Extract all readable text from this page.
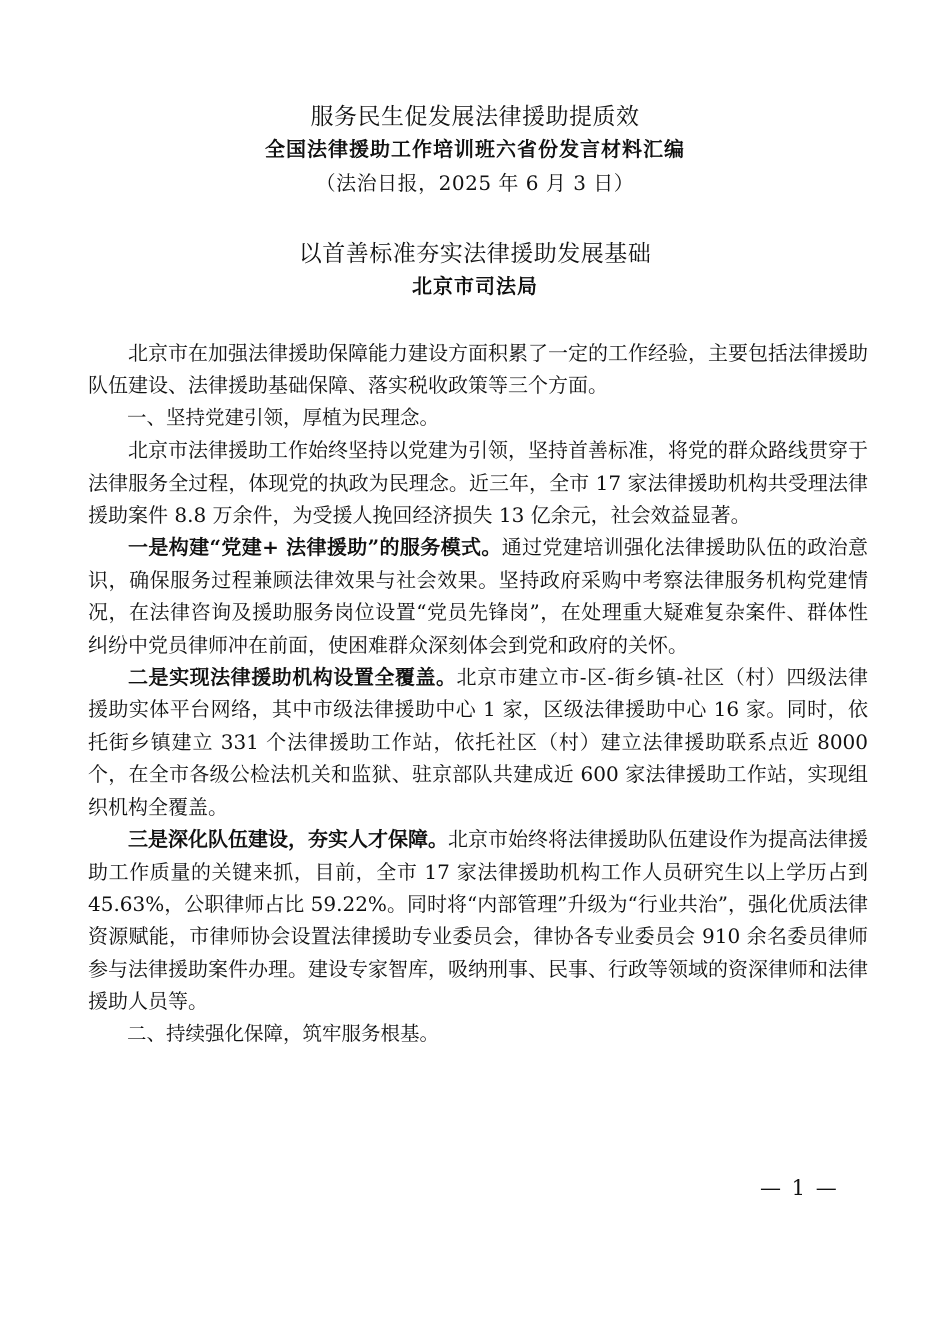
服务民生促发展法律援助提质效
全国法律援助工作培训班六省份发言材料汇编
（法治日报，2025 年 6 月 3 日）
以首善标准夯实法律援助发展基础
北京市司法局

北京市在加强法律援助保障能力建设方面积累了一定的工作经验，主要包括法律援助队伍建设、法律援助基础保障、落实税收政策等三个方面。

一、坚持党建引领，厚植为民理念。

北京市法律援助工作始终坚持以党建为引领，坚持首善标准，将党的群众路线贯穿于法律服务全过程，体现党的执政为民理念。近三年，全市 17 家法律援助机构共受理法律援助案件 8.8 万余件，为受援人挽回经济损失 13 亿余元，社会效益显著。

一是构建“党建+ 法律援助”的服务模式。通过党建培训强化法律援助队伍的政治意识，确保服务过程兼顾法律效果与社会效果。坚持政府采购中考察法律服务机构党建情况，在法律咨询及援助服务岗位设置“党员先锋岗”，在处理重大疑难复杂案件、群体性纠纷中党员律师冲在前面，使困难群众深刻体会到党和政府的关怀。

二是实现法律援助机构设置全覆盖。北京市建立市-区-街乡镇-社区（村）四级法律援助实体平台网络，其中市级法律援助中心 1 家，区级法律援助中心 16 家。同时，依托街乡镇建立 331 个法律援助工作站，依托社区（村）建立法律援助联系点近 8000 个，在全市各级公检法机关和监狱、驻京部队共建成近 600 家法律援助工作站，实现组织机构全覆盖。

三是深化队伍建设，夯实人才保障。北京市始终将法律援助队伍建设作为提高法律援助工作质量的关键来抓，目前，全市 17 家法律援助机构工作人员研究生以上学历占到 45.63%，公职律师占比 59.22%。同时将“内部管理”升级为“行业共治”，强化优质法律资源赋能，市律师协会设置法律援助专业委员会，律协各专业委员会 910 余名委员律师参与法律援助案件办理。建设专家智库，吸纳刑事、民事、行政等领域的资深律师和法律援助人员等。

二、持续强化保障，筑牢服务根基。

— 1 —
